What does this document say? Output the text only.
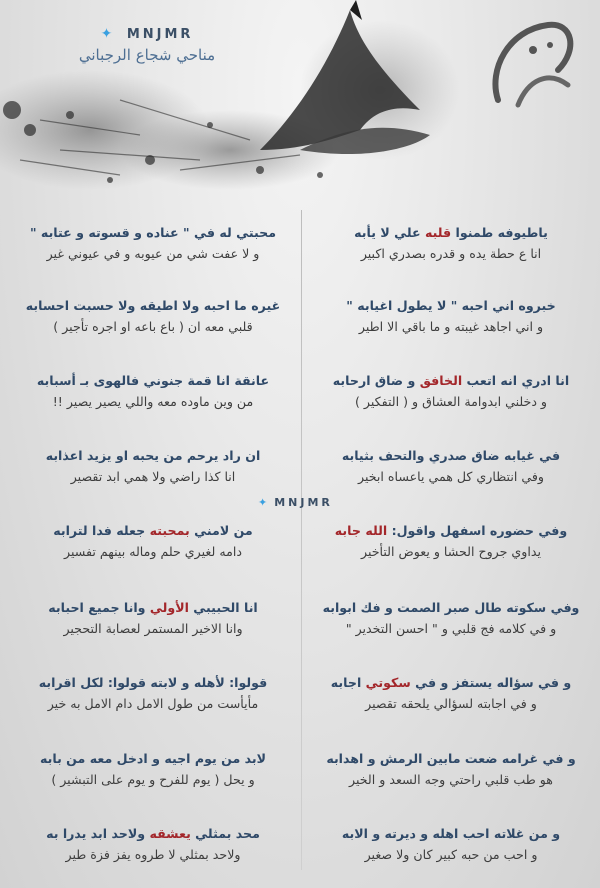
✦ MNJMR
مناحي شجاع الرجباني
✦ MNJMR
ياطيوفه طمنوا قلبه علي لا يأبه
انا ع حطة يده و قدره بصدري اكبير
خبروه اني احبه " لا يطول اغيابه "
و اني اجاهد غيبته و ما باقي الا اطير
انا ادري انه اتعب الخافق و ضاق ارحابه
و دخلني ابدوامة العشاق و ( التفكير )
في غيابه ضاق صدري والتحف بثيابه
وفي انتظاري كل همي ياعساه ابخير
وفي حضوره اسفهل واقول: الله جابه
يداوي جروح الحشا و يعوض التأخير
وفي سكوته طال صبر الصمت و فك ابوابه
و في كلامه فج قلبي و " احسن التخدير "
و في سؤاله يستفز و في سكوتي اجابه
و في اجابته لسؤالي يلحقه تقصير
و في غرامه ضعت مابين الرمش و اهدابه
هو طب قلبي راحتي وجه السعد و الخير
و من غلاته احب اهله و ديرته و الابه
و احب من حبه كبير كان ولا صغير
محبتي له في " عناده و قسوته و عتابه "
و لا عفت شي من عيوبه و في عيوني غير
غيره ما احبه ولا اطيقه ولا حسبت احسابه
قلبي معه ان ( باع باعه او اجره تأجير )
عانقة انا قمة جنوني فالهوى بـ أسبابه
من وين ماوده معه واللي يصير يصير !!
ان راد يرحم من يحبه او يزيد اعذابه
انا كذا راضي ولا همي ابد تقصير
من لامني بمحبته جعله فدا لترابه
دامه لغيري حلم وماله بينهم تفسير
انا الحبيبي الأولي وانا جميع احبابه
وانا الاخير المستمر لعصابة التحجير
قولوا: لأهله و لابته قولوا: لكل اقرابه
مأيأست من طول الامل دام الامل به خير
لابد من يوم اجيه و ادخل معه من بابه
و يحل ( يوم للفرح و يوم على التبشير )
محد بمثلي يعشقه ولاحد ابد يدرا به
ولاحد بمثلي لا طروه يفز فزة طير
